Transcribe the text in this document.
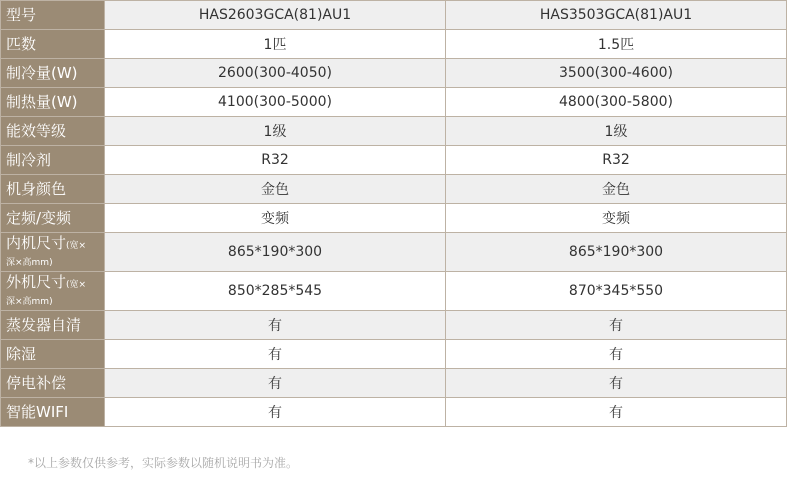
型号	HAS2603GCA(81)AU1	HAS3503GCA(81)AU1
匹数	1匹	1.5匹
制冷量(W)	2600(300-4050)	3500(300-4600)
制热量(W)	4100(300-5000)	4800(300-5800)
能效等级	1级	1级
制冷剂	R32	R32
机身颜色	金色	金色
定频/变频	变频	变频
内机尺寸(宽×
深×高mm)	865*190*300	865*190*300
外机尺寸(宽×
深×高mm)	850*285*545	870*345*550
蒸发器自清	有	有
除湿	有	有
停电补偿	有	有
智能WIFI	有	有
*以上参数仅供参考，实际参数以随机说明书为准。
